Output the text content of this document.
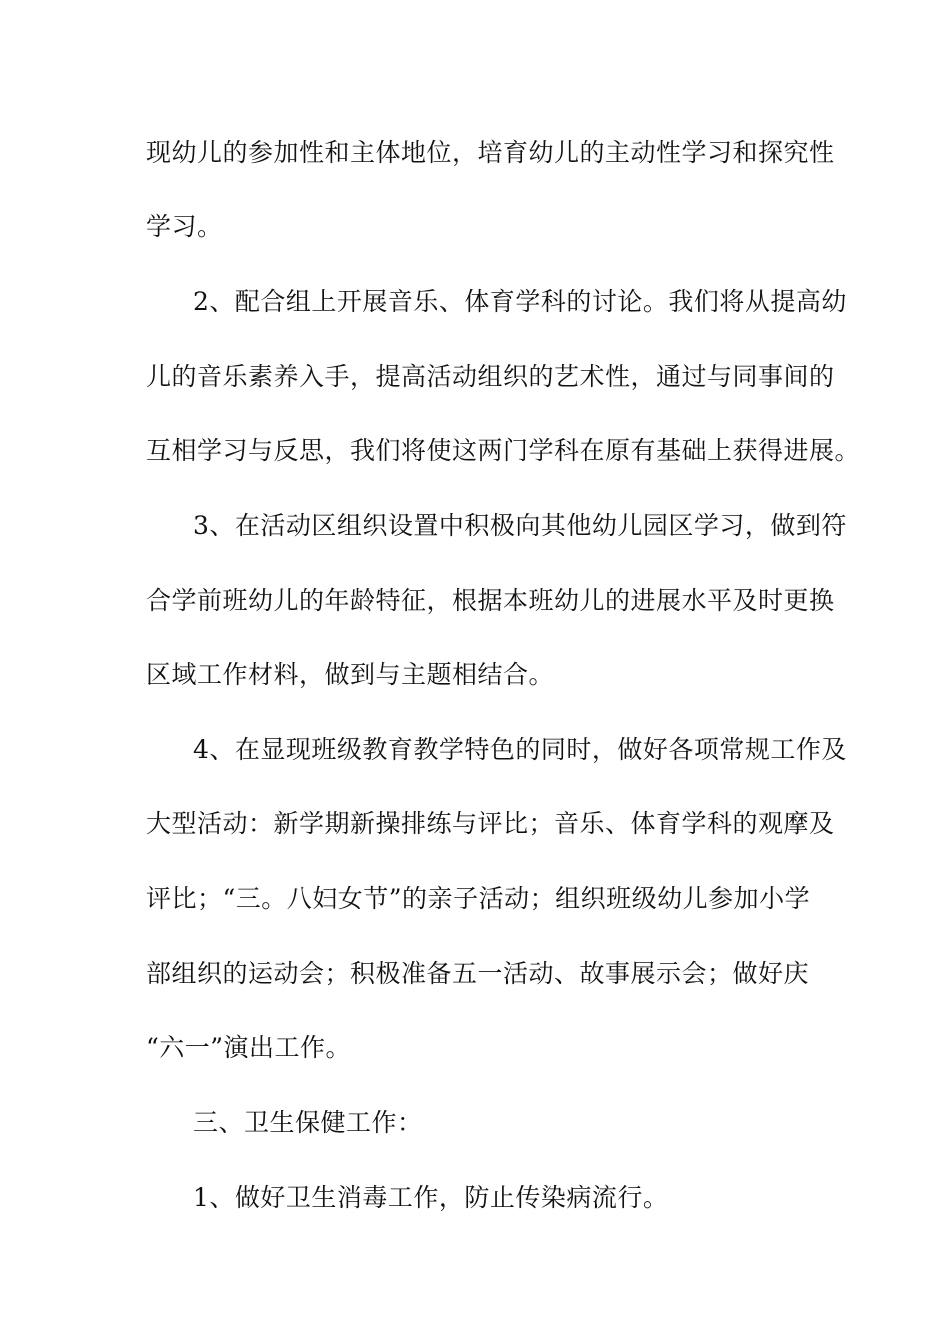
现幼儿的参加性和主体地位，培育幼儿的主动性学习和探究性
学习。
2、配合组上开展音乐、体育学科的讨论。我们将从提高幼
儿的音乐素养入手，提高活动组织的艺术性，通过与同事间的
互相学习与反思，我们将使这两门学科在原有基础上获得进展。
3、在活动区组织设置中积极向其他幼儿园区学习，做到符
合学前班幼儿的年龄特征，根据本班幼儿的进展水平及时更换
区域工作材料，做到与主题相结合。
4、在显现班级教育教学特色的同时，做好各项常规工作及
大型活动：新学期新操排练与评比；音乐、体育学科的观摩及
评比；“三。八妇女节”的亲子活动；组织班级幼儿参加小学
部组织的运动会；积极准备五一活动、故事展示会；做好庆
“六一”演出工作。
三、卫生保健工作：
1、做好卫生消毒工作，防止传染病流行。
